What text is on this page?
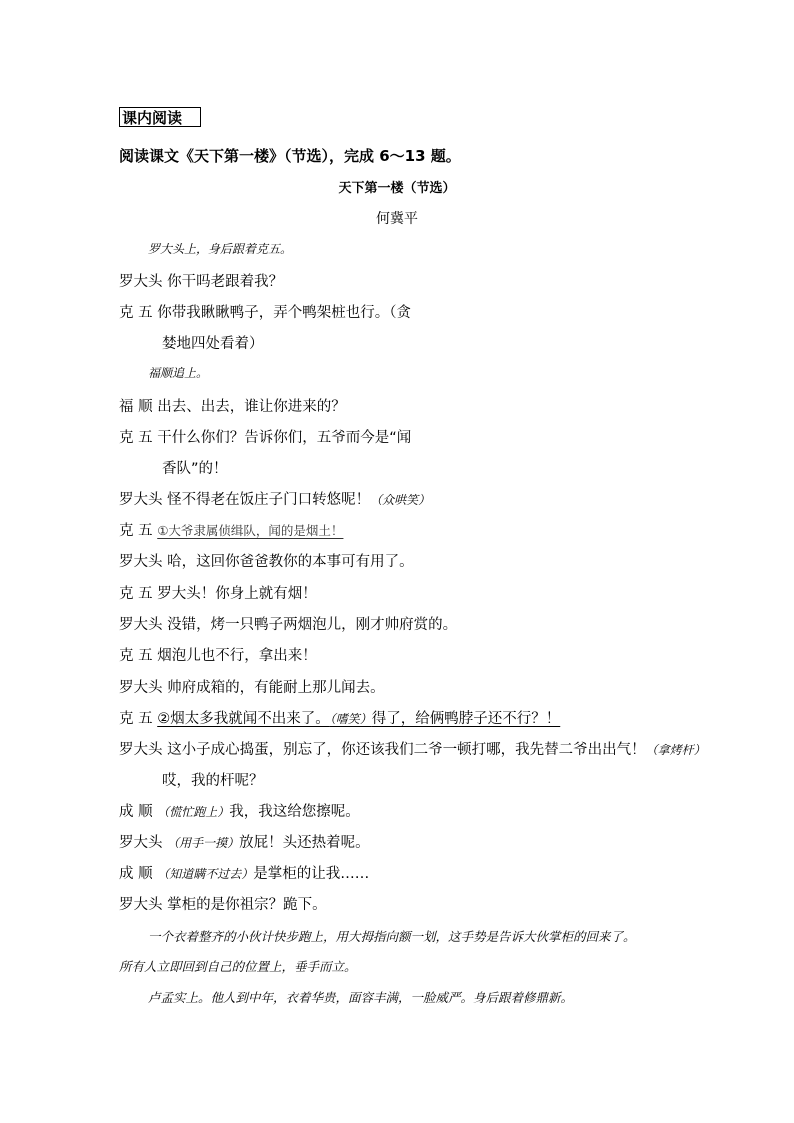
课内阅读
阅读课文《天下第一楼》（节选），完成 6～13 题。
天下第一楼（节选）
何冀平
罗大头上，身后跟着克五。
罗大头 你干吗老跟着我？
克 五 你带我瞅瞅鸭子，弄个鸭架桩也行。（贪
婪地四处看着）
福顺追上。
福 顺 出去、出去，谁让你进来的？
克 五 干什么你们？告诉你们，五爷而今是“闻
香队”的！
罗大头 怪不得老在饭庄子门口转悠呢！（众哄笑）
克 五 ①大爷隶属侦缉队，闻的是烟土！
罗大头 哈，这回你爸爸教你的本事可有用了。
克 五 罗大头！你身上就有烟！
罗大头 没错，烤一只鸭子两烟泡儿，刚才帅府赏的。
克 五 烟泡儿也不行，拿出来！
罗大头 帅府成箱的，有能耐上那儿闻去。
克 五 ②烟太多我就闻不出来了。（嗜笑）得了，给俩鸭脖子还不行？！
罗大头 这小子成心捣蛋，别忘了，你还该我们二爷一顿打哪，我先替二爷出出气！（拿烤杆）
哎，我的杆呢？
成 顺 （慌忙跑上）我，我这给您擦呢。
罗大头 （用手一摸）放屁！头还热着呢。
成 顺 （知道瞒不过去）是掌柜的让我……
罗大头 掌柜的是你祖宗？跪下。
一个衣着整齐的小伙计快步跑上，用大拇指向额一划，这手势是告诉大伙掌柜的回来了。
所有人立即回到自己的位置上，垂手而立。
卢孟实上。他人到中年，衣着华贵，面容丰满，一脸威严。身后跟着修鼎新。
